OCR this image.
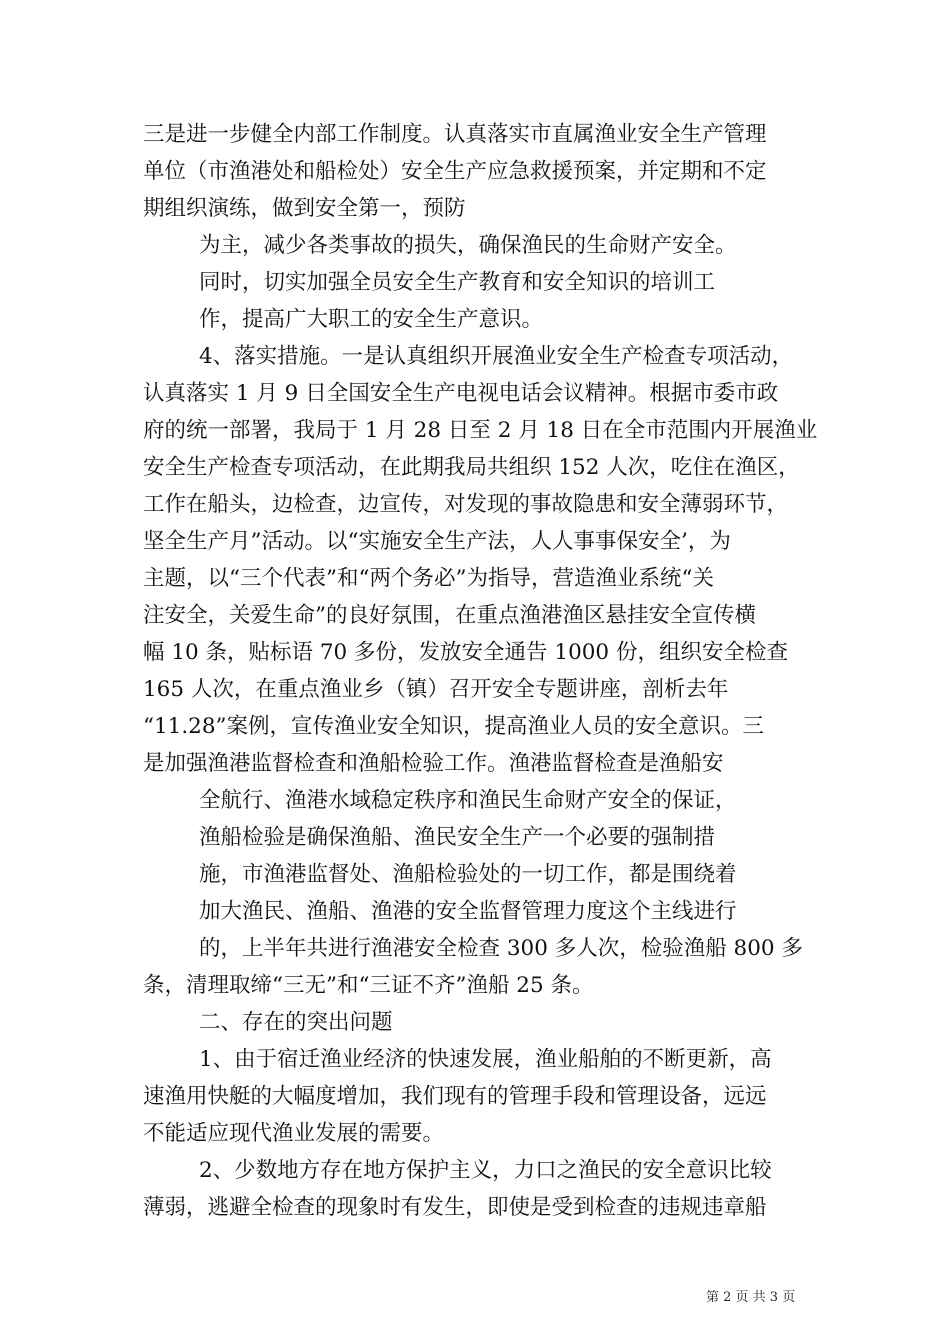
三是进一步健全内部工作制度。认真落实市直属渔业安全生产管理
单位（市渔港处和船检处）安全生产应急救援预案，并定期和不定
期组织演练，做到安全第一，预防
为主，减少各类事故的损失，确保渔民的生命财产安全。
同时，切实加强全员安全生产教育和安全知识的培训工
作，提高广大职工的安全生产意识。
4、落实措施。一是认真组织开展渔业安全生产检查专项活动，
认真落实 1 月 9 日全国安全生产电视电话会议精神。根据市委市政
府的统一部署，我局于 1 月 28 日至 2 月 18 日在全市范围内开展渔业
安全生产检查专项活动，在此期我局共组织 152 人次，吃住在渔区，
工作在船头，边检查，边宣传，对发现的事故隐患和安全薄弱环节，
坚全生产月”活动。以“实施安全生产法，人人事事保安全’，为
主题，以“三个代表”和“两个务必”为指导，营造渔业系统“关
注安全，关爱生命”的良好氛围，在重点渔港渔区悬挂安全宣传横
幅 10 条，贴标语 70 多份，发放安全通告 1000 份，组织安全检查
165 人次，在重点渔业乡（镇）召开安全专题讲座，剖析去年
“11.28”案例，宣传渔业安全知识，提高渔业人员的安全意识。三
是加强渔港监督检查和渔船检验工作。渔港监督检查是渔船安
全航行、渔港水域稳定秩序和渔民生命财产安全的保证，
渔船检验是确保渔船、渔民安全生产一个必要的强制措
施，市渔港监督处、渔船检验处的一切工作，都是围绕着
加大渔民、渔船、渔港的安全监督管理力度这个主线进行
的，上半年共进行渔港安全检查 300 多人次，检验渔船 800 多
条，清理取缔“三无”和“三证不齐”渔船 25 条。
二、存在的突出问题
1、由于宿迁渔业经济的快速发展，渔业船舶的不断更新，高
速渔用快艇的大幅度增加，我们现有的管理手段和管理设备，远远
不能适应现代渔业发展的需要。
2、少数地方存在地方保护主义，力口之渔民的安全意识比较
薄弱，逃避全检查的现象时有发生，即使是受到检查的违规违章船
第 2 页 共 3 页
